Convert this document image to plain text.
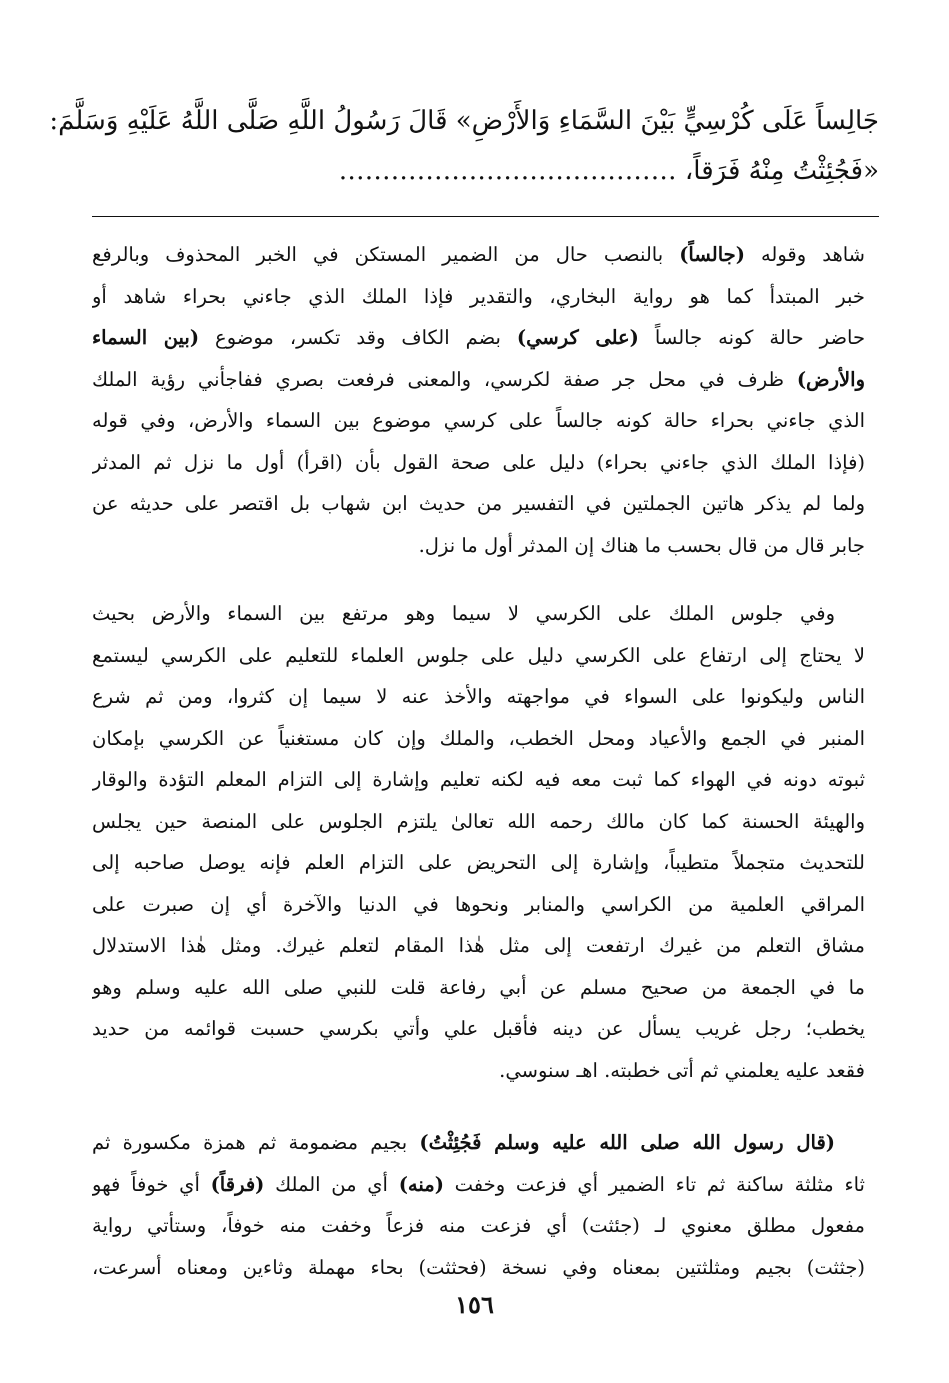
جَالِساً عَلَى كُرْسِيٍّ بَيْنَ السَّمَاءِ وَالأَرْضِ» قَالَ رَسُولُ اللَّهِ صَلَّى اللَّهُ عَلَيْهِ وَسَلَّمَ:
«فَجُئِثْتُ مِنْهُ فَرَقاً، …………………………………
شاهد وقوله (جالساً) بالنصب حال من الضمير المستكن في الخبر المحذوف وبالرفع
خبر المبتدأ كما هو رواية البخاري، والتقدير فإذا الملك الذي جاءني بحراء شاهد أو
حاضر حالة كونه جالساً (على كرسي) بضم الكاف وقد تكسر، موضوع (بين السماء
والأرض) ظرف في محل جر صفة لكرسي، والمعنى فرفعت بصري ففاجأني رؤية الملك
الذي جاءني بحراء حالة كونه جالساً على كرسي موضوع بين السماء والأرض، وفي قوله
(فإذا الملك الذي جاءني بحراء) دليل على صحة القول بأن (اقرأ) أول ما نزل ثم المدثر
ولما لم يذكر هاتين الجملتين في التفسير من حديث ابن شهاب بل اقتصر على حديثه عن
جابر قال من قال بحسب ما هناك إن المدثر أول ما نزل.
وفي جلوس الملك على الكرسي لا سيما وهو مرتفع بين السماء والأرض بحيث
لا يحتاج إلى ارتفاع على الكرسي دليل على جلوس العلماء للتعليم على الكرسي ليستمع
الناس وليكونوا على السواء في مواجهته والأخذ عنه لا سيما إن كثروا، ومن ثم شرع
المنبر في الجمع والأعياد ومحل الخطب، والملك وإن كان مستغنياً عن الكرسي بإمكان
ثبوته دونه في الهواء كما ثبت معه فيه لكنه تعليم وإشارة إلى التزام المعلم التؤدة والوقار
والهيئة الحسنة كما كان مالك رحمه الله تعالىٰ يلتزم الجلوس على المنصة حين يجلس
للتحديث متجملاً متطيباً، وإشارة إلى التحريض على التزام العلم فإنه يوصل صاحبه إلى
المراقي العلمية من الكراسي والمنابر ونحوها في الدنيا والآخرة أي إن صبرت على
مشاق التعلم من غيرك ارتفعت إلى مثل هٰذا المقام لتعلم غيرك. ومثل هٰذا الاستدلال
ما في الجمعة من صحيح مسلم عن أبي رفاعة قلت للنبي صلى الله عليه وسلم وهو
يخطب؛ رجل غريب يسأل عن دينه فأقبل علي وأتي بكرسي حسبت قوائمه من حديد
فقعد عليه يعلمني ثم أتى خطبته. اهـ سنوسي.
(قال رسول الله صلى الله عليه وسلم فَجُئِثْتُ) بجيم مضمومة ثم همزة مكسورة ثم
ثاء مثلثة ساكنة ثم تاء الضمير أي فزعت وخفت (منه) أي من الملك (فرقاً) أي خوفاً فهو
مفعول مطلق معنوي لـ (جئثت) أي فزعت منه فزعاً وخفت منه خوفاً، وستأتي رواية
(جثثت) بجيم ومثلثتين بمعناه وفي نسخة (فحثثت) بحاء مهملة وثاءين ومعناه أسرعت،
١٥٦
